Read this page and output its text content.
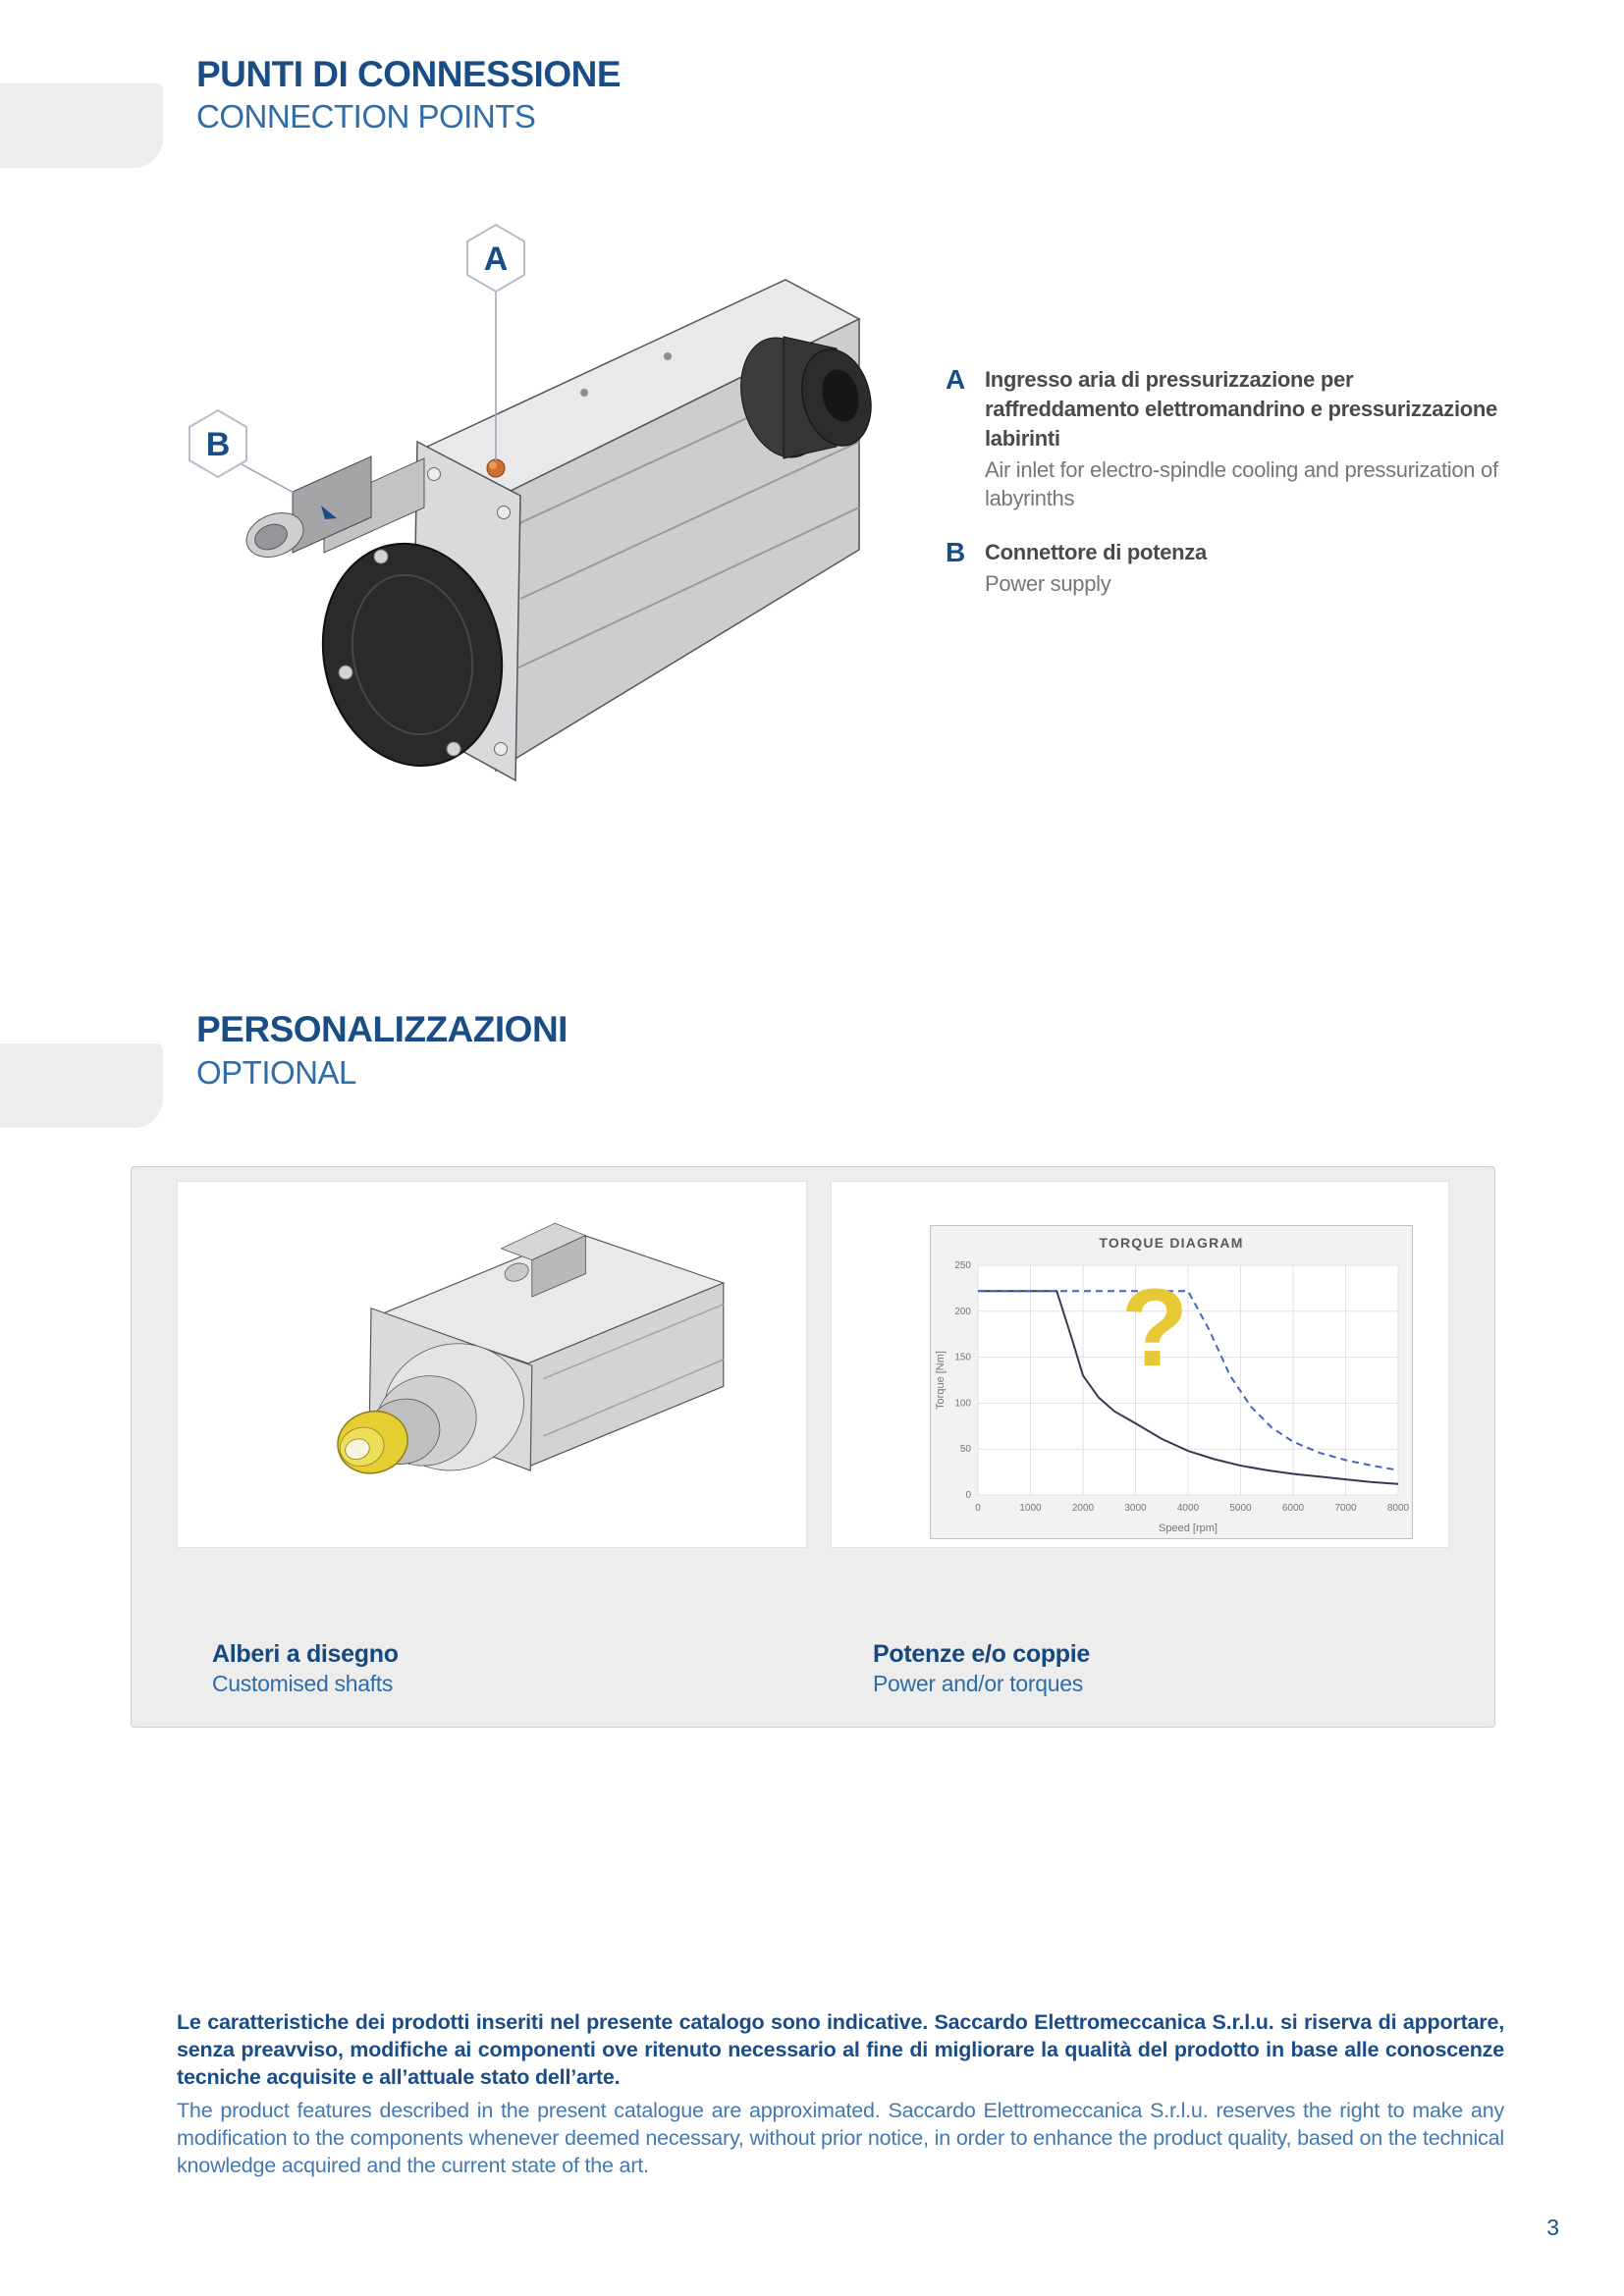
PUNTI DI CONNESSIONE
CONNECTION POINTS
A
B
A Ingresso aria di pressurizzazione per raffreddamento elettromandrino e pressurizzazione labirinti

Air inlet for electro-spindle cooling and pressurization of labyrinths

B Connettore di potenza

Power supply

PERSONALIZZAZIONI
OPTIONAL
TORQUE DIAGRAM
0	1000	2000	3000	4000	5000	6000	7000	8000
0
50
100
150
200
250
Speed [rpm]
Torque [Nm] ?

Alberi a disegno

Customised shafts

Potenze e/o coppie

Power and/or torques

Le caratteristiche dei prodotti inseriti nel presente catalogo sono indicative. Saccardo Elettromeccanica S.r.l.u. si riserva di apportare, senza preavviso, modifiche ai componenti ove ritenuto necessario al fine di migliorare la qualità del prodotto in base alle conoscenze tecniche acquisite e all’attuale stato dell’arte.

The product features described in the present catalogue are approximated. Saccardo Elettromeccanica S.r.l.u. reserves the right to make any modification to the components whenever deemed necessary, without prior notice, in order to enhance the product quality, based on the technical knowledge acquired and the current state of the art.

3
